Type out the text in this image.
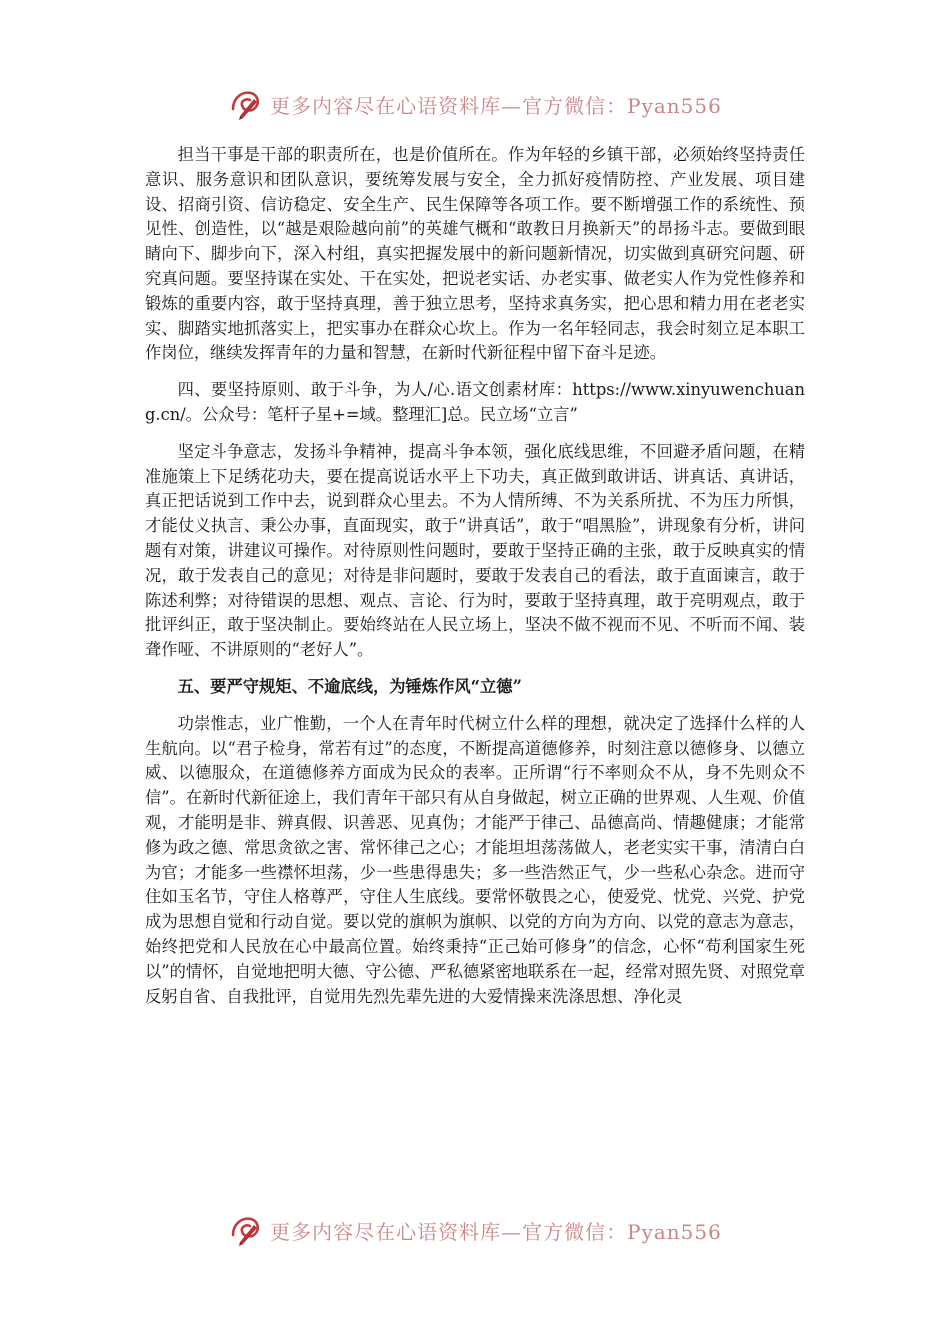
更多内容尽在心语资料库—官方微信：Pyan556

担当干事是干部的职责所在，也是价值所在。作为年轻的乡镇干部，必须始终坚持责任意识、服务意识和团队意识，要统筹发展与安全，全力抓好疫情防控、产业发展、项目建设、招商引资、信访稳定、安全生产、民生保障等各项工作。要不断增强工作的系统性、预见性、创造性，以“越是艰险越向前”的英雄气概和“敢教日月换新天”的昂扬斗志。要做到眼睛向下、脚步向下，深入村组，真实把握发展中的新问题新情况，切实做到真研究问题、研究真问题。要坚持谋在实处、干在实处，把说老实话、办老实事、做老实人作为党性修养和锻炼的重要内容，敢于坚持真理，善于独立思考，坚持求真务实，把心思和精力用在老老实实、脚踏实地抓落实上，把实事办在群众心坎上。作为一名年轻同志，我会时刻立足本职工作岗位，继续发挥青年的力量和智慧，在新时代新征程中留下奋斗足迹。

四、要坚持原则、敢于斗争，为人/心.语文创素材库：https://www.xinyuwenchuang.cn/。公众号：笔杆子星+=域。整理汇]总。民立场“立言”

坚定斗争意志，发扬斗争精神，提高斗争本领，强化底线思维，不回避矛盾问题，在精准施策上下足绣花功夫，要在提高说话水平上下功夫，真正做到敢讲话、讲真话、真讲话，真正把话说到工作中去，说到群众心里去。不为人情所缚、不为关系所扰、不为压力所惧，才能仗义执言、秉公办事，直面现实，敢于“讲真话”，敢于“唱黑脸”，讲现象有分析，讲问题有对策，讲建议可操作。对待原则性问题时，要敢于坚持正确的主张，敢于反映真实的情况，敢于发表自己的意见；对待是非问题时，要敢于发表自己的看法，敢于直面谏言，敢于陈述利弊；对待错误的思想、观点、言论、行为时，要敢于坚持真理，敢于亮明观点，敢于批评纠正，敢于坚决制止。要始终站在人民立场上，坚决不做不视而不见、不听而不闻、装聋作哑、不讲原则的“老好人”。

五、要严守规矩、不逾底线，为锤炼作风“立德”

功崇惟志，业广惟勤，一个人在青年时代树立什么样的理想，就决定了选择什么样的人生航向。以“君子检身，常若有过”的态度，不断提高道德修养，时刻注意以德修身、以德立威、以德服众，在道德修养方面成为民众的表率。正所谓“行不率则众不从，身不先则众不信”。在新时代新征途上，我们青年干部只有从自身做起，树立正确的世界观、人生观、价值观，才能明是非、辨真假、识善恶、见真伪；才能严于律己、品德高尚、情趣健康；才能常修为政之德、常思贪欲之害、常怀律己之心；才能坦坦荡荡做人，老老实实干事，清清白白为官；才能多一些襟怀坦荡，少一些患得患失；多一些浩然正气，少一些私心杂念。进而守住如玉名节，守住人格尊严，守住人生底线。要常怀敬畏之心，使爱党、忧党、兴党、护党成为思想自觉和行动自觉。要以党的旗帜为旗帜、以党的方向为方向、以党的意志为意志，始终把党和人民放在心中最高位置。始终秉持“正己始可修身”的信念，心怀“苟利国家生死以”的情怀，自觉地把明大德、守公德、严私德紧密地联系在一起，经常对照先贤、对照党章反躬自省、自我批评，自觉用先烈先辈先进的大爱情操来洗涤思想、净化灵

更多内容尽在心语资料库—官方微信：Pyan556
